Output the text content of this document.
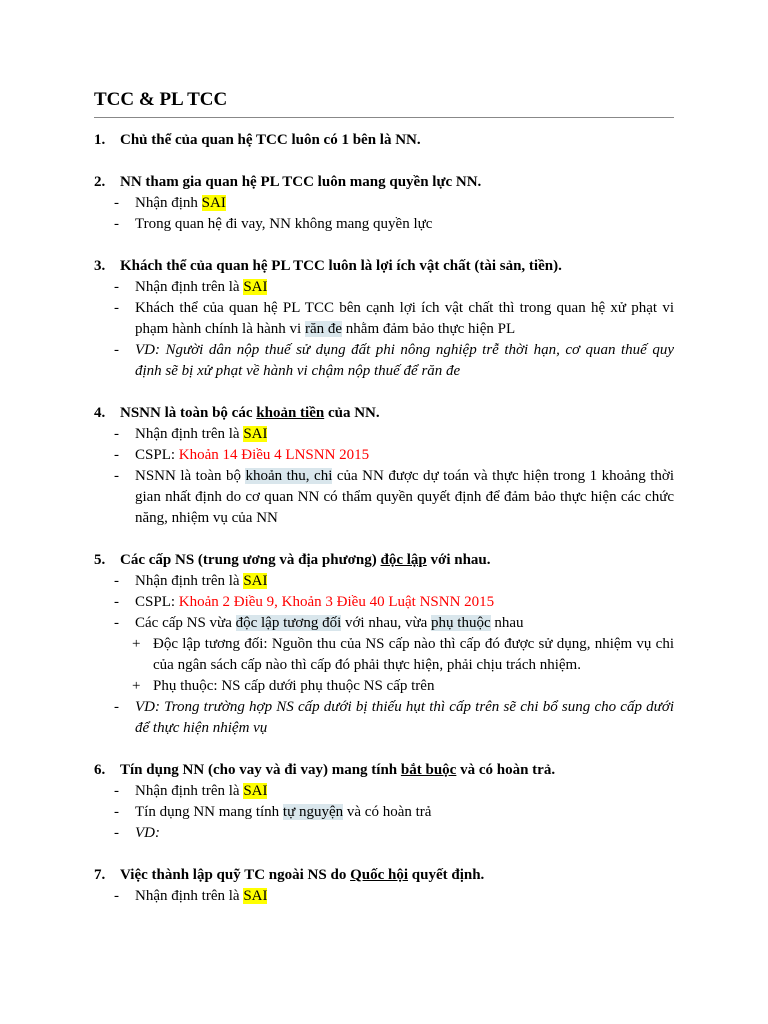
TCC & PL TCC
1. Chủ thể của quan hệ TCC luôn có 1 bên là NN.
2. NN tham gia quan hệ PL TCC luôn mang quyền lực NN.
-	Nhận định SAI
-	Trong quan hệ đi vay, NN không mang quyền lực
3. Khách thể của quan hệ PL TCC luôn là lợi ích vật chất (tài sản, tiền).
-	Nhận định trên là SAI
-	Khách thể của quan hệ PL TCC bên cạnh lợi ích vật chất thì trong quan hệ xử phạt vi phạm hành chính là hành vi răn đe nhằm đảm bảo thực hiện PL
-	VD: Người dân nộp thuế sử dụng đất phi nông nghiệp trễ thời hạn, cơ quan thuế quy định sẽ bị xử phạt về hành vi chậm nộp thuế để răn đe
4. NSNN là toàn bộ các khoản tiền của NN.
-	Nhận định trên là SAI
-	CSPL: Khoản 14 Điều 4 LNSNN 2015
-	NSNN là toàn bộ khoản thu, chi của NN được dự toán và thực hiện trong 1 khoảng thời gian nhất định do cơ quan NN có thẩm quyền quyết định để đảm bảo thực hiện các chức năng, nhiệm vụ của NN
5. Các cấp NS (trung ương và địa phương) độc lập với nhau.
-	Nhận định trên là SAI
-	CSPL: Khoản 2 Điều 9, Khoản 3 Điều 40 Luật NSNN 2015
-	Các cấp NS vừa độc lập tương đối với nhau, vừa phụ thuộc nhau
+ Độc lập tương đối: Nguồn thu của NS cấp nào thì cấp đó được sử dụng, nhiệm vụ chi của ngân sách cấp nào thì cấp đó phải thực hiện, phải chịu trách nhiệm.
+ Phụ thuộc: NS cấp dưới phụ thuộc NS cấp trên
-	VD: Trong trường hợp NS cấp dưới bị thiếu hụt thì cấp trên sẽ chi bổ sung cho cấp dưới để thực hiện nhiệm vụ
6. Tín dụng NN (cho vay và đi vay) mang tính bắt buộc và có hoàn trả.
-	Nhận định trên là SAI
-	Tín dụng NN mang tính tự nguyện và có hoàn trả
-	VD:
7. Việc thành lập quỹ TC ngoài NS do Quốc hội quyết định.
-	Nhận định trên là SAI
